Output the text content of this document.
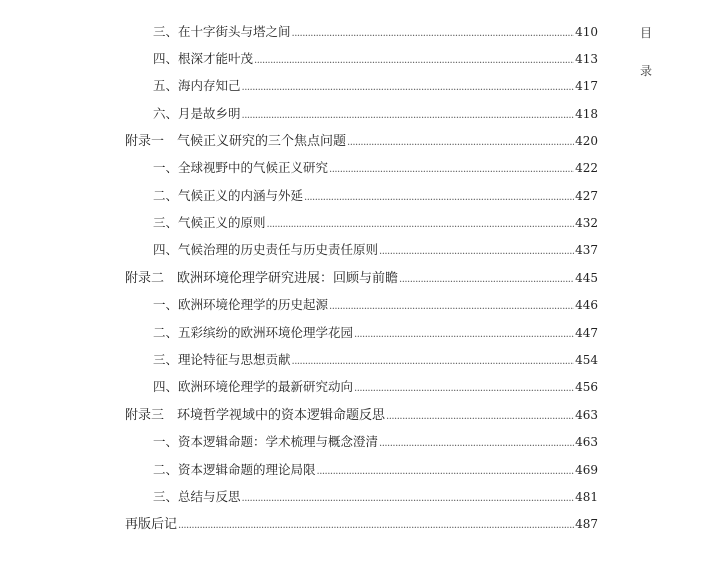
三、在十字街头与塔之间 .....	410
四、根深才能叶茂 .....	413
五、海内存知己 .....	417
六、月是故乡明 .....	418
附录一　气候正义研究的三个焦点问题 .....	420
一、全球视野中的气候正义研究 .....	422
二、气候正义的内涵与外延 .....	427
三、气候正义的原则 .....	432
四、气候治理的历史责任与历史责任原则 .....	437
附录二　欧洲环境伦理学研究进展：回顾与前瞻 .....	445
一、欧洲环境伦理学的历史起源 .....	446
二、五彩缤纷的欧洲环境伦理学花园 .....	447
三、理论特征与思想贡献 .....	454
四、欧洲环境伦理学的最新研究动向 .....	456
附录三　环境哲学视域中的资本逻辑命题反思 .....	463
一、资本逻辑命题：学术梳理与概念澄清 .....	463
二、资本逻辑命题的理论局限 .....	469
三、总结与反思 .....	481
再版后记 .....	487
目
录
